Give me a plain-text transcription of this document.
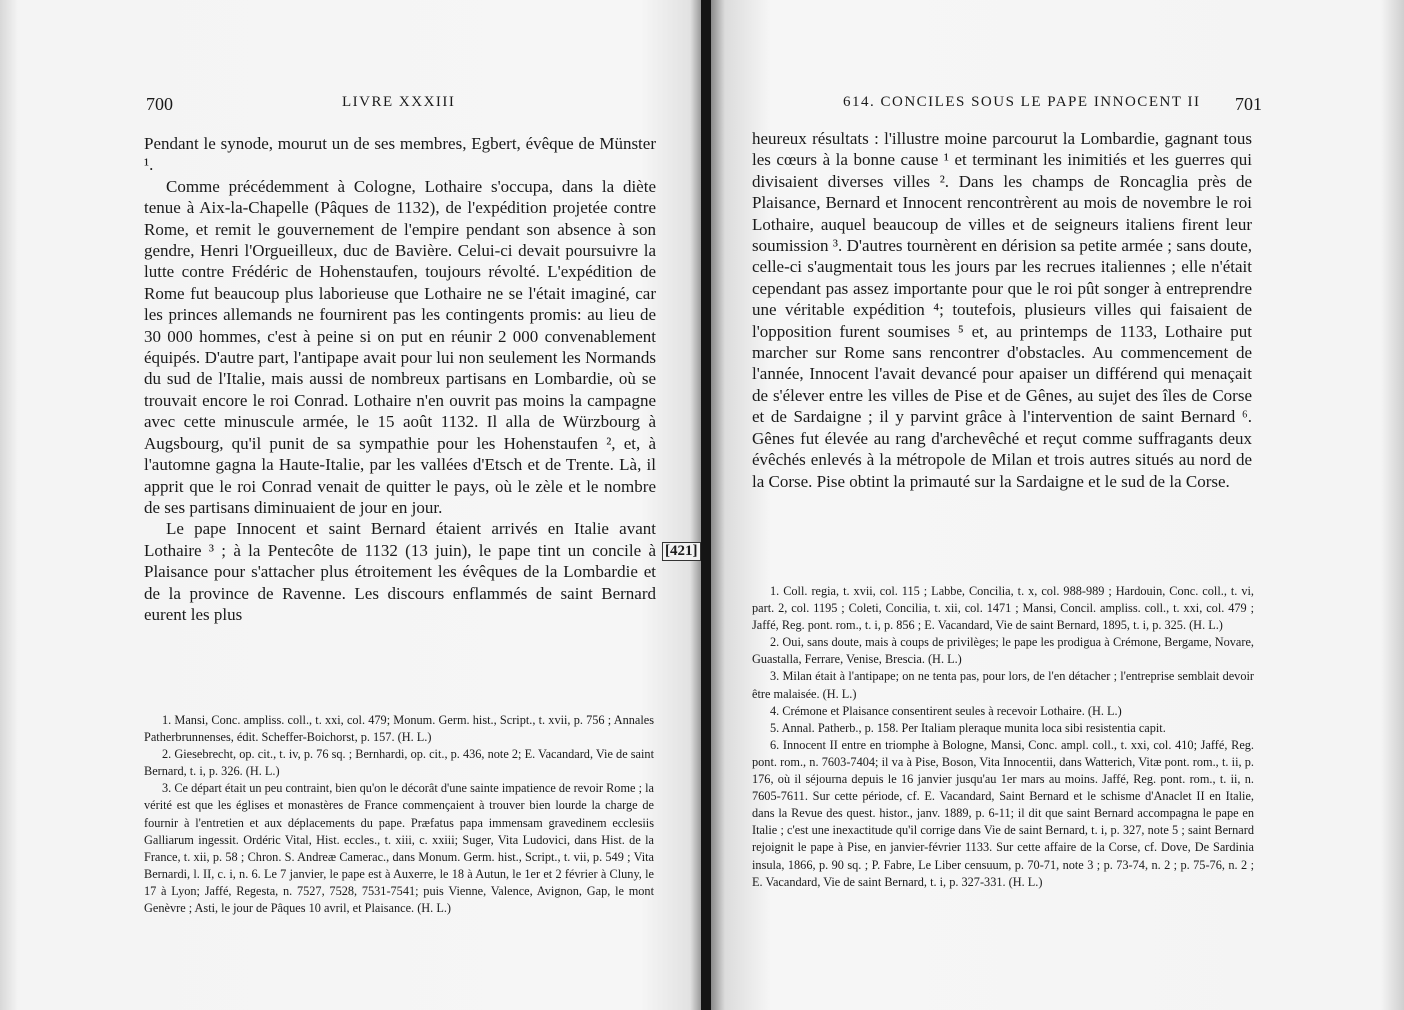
700	LIVRE XXXIII

Pendant le synode, mourut un de ses membres, Egbert, évêque de Münster ¹.

Comme précédemment à Cologne, Lothaire s'occupa, dans la diète tenue à Aix-la-Chapelle (Pâques de 1132), de l'expédition projetée contre Rome, et remit le gouvernement de l'empire pendant son absence à son gendre, Henri l'Orgueilleux, duc de Bavière. Celui-ci devait poursuivre la lutte contre Frédéric de Hohenstaufen, toujours révolté. L'expédition de Rome fut beaucoup plus laborieuse que Lothaire ne se l'était imaginé, car les princes allemands ne fournirent pas les contingents promis: au lieu de 30 000 hommes, c'est à peine si on put en réunir 2 000 convenablement équipés. D'autre part, l'antipape avait pour lui non seulement les Normands du sud de l'Italie, mais aussi de nombreux partisans en Lombardie, où se trouvait encore le roi Conrad. Lothaire n'en ouvrit pas moins la campagne avec cette minuscule armée, le 15 août 1132. Il alla de Würzbourg à Augsbourg, qu'il punit de sa sympathie pour les Hohenstaufen ², et, à l'automne gagna la Haute-Italie, par les vallées d'Etsch et de Trente. Là, il apprit que le roi Conrad venait de quitter le pays, où le zèle et le nombre de ses partisans diminuaient de jour en jour.

Le pape Innocent et saint Bernard étaient arrivés en Italie avant Lothaire ³ ; à la Pentecôte de 1132 (13 juin), le pape tint un concile à Plaisance pour s'attacher plus étroitement les évêques de la Lombardie et de la province de Ravenne. Les discours enflammés de saint Bernard eurent les plus

1. Mansi, Conc. ampliss. coll., t. xxi, col. 479; Monum. Germ. hist., Script., t. xvii, p. 756 ; Annales Patherbrunnenses, édit. Scheffer-Boichorst, p. 157. (H. L.)

2. Giesebrecht, op. cit., t. iv, p. 76 sq. ; Bernhardi, op. cit., p. 436, note 2; E. Vacandard, Vie de saint Bernard, t. i, p. 326. (H. L.)

3. Ce départ était un peu contraint, bien qu'on le décorât d'une sainte impatience de revoir Rome ; la vérité est que les églises et monastères de France commençaient à trouver bien lourde la charge de fournir à l'entretien et aux déplacements du pape. Præfatus papa immensam gravedinem ecclesiis Galliarum ingessit. Ordéric Vital, Hist. eccles., t. xiii, c. xxiii; Suger, Vita Ludovici, dans Hist. de la France, t. xii, p. 58 ; Chron. S. Andreæ Camerac., dans Monum. Germ. hist., Script., t. vii, p. 549 ; Vita Bernardi, l. II, c. i, n. 6. Le 7 janvier, le pape est à Auxerre, le 18 à Autun, le 1er et 2 février à Cluny, le 17 à Lyon; Jaffé, Regesta, n. 7527, 7528, 7531-7541; puis Vienne, Valence, Avignon, Gap, le mont Genèvre ; Asti, le jour de Pâques 10 avril, et Plaisance. (H. L.)

[421]
614. CONCILES SOUS LE PAPE INNOCENT II 701

heureux résultats : l'illustre moine parcourut la Lombardie, gagnant tous les cœurs à la bonne cause ¹ et terminant les inimitiés et les guerres qui divisaient diverses villes ². Dans les champs de Roncaglia près de Plaisance, Bernard et Innocent rencontrèrent au mois de novembre le roi Lothaire, auquel beaucoup de villes et de seigneurs italiens firent leur soumission ³. D'autres tournèrent en dérision sa petite armée ; sans doute, celle-ci s'augmentait tous les jours par les recrues italiennes ; elle n'était cependant pas assez importante pour que le roi pût songer à entreprendre une véritable expédition ⁴; toutefois, plusieurs villes qui faisaient de l'opposition furent soumises ⁵ et, au printemps de 1133, Lothaire put marcher sur Rome sans rencontrer d'obstacles. Au commencement de l'année, Innocent l'avait devancé pour apaiser un différend qui menaçait de s'élever entre les villes de Pise et de Gênes, au sujet des îles de Corse et de Sardaigne ; il y parvint grâce à l'intervention de saint Bernard ⁶. Gênes fut élevée au rang d'archevêché et reçut comme suffragants deux évêchés enlevés à la métropole de Milan et trois autres situés au nord de la Corse. Pise obtint la primauté sur la Sardaigne et le sud de la Corse.

1. Coll. regia, t. xvii, col. 115 ; Labbe, Concilia, t. x, col. 988-989 ; Hardouin, Conc. coll., t. vi, part. 2, col. 1195 ; Coleti, Concilia, t. xii, col. 1471 ; Mansi, Concil. ampliss. coll., t. xxi, col. 479 ; Jaffé, Reg. pont. rom., t. i, p. 856 ; E. Vacandard, Vie de saint Bernard, 1895, t. i, p. 325. (H. L.)

2. Oui, sans doute, mais à coups de privilèges; le pape les prodigua à Crémone, Bergame, Novare, Guastalla, Ferrare, Venise, Brescia. (H. L.)

3. Milan était à l'antipape; on ne tenta pas, pour lors, de l'en détacher ; l'entreprise semblait devoir être malaisée. (H. L.)

4. Crémone et Plaisance consentirent seules à recevoir Lothaire. (H. L.)

5. Annal. Patherb., p. 158. Per Italiam pleraque munita loca sibi resistentia capit.

6. Innocent II entre en triomphe à Bologne, Mansi, Conc. ampl. coll., t. xxi, col. 410; Jaffé, Reg. pont. rom., n. 7603-7404; il va à Pise, Boson, Vita Innocentii, dans Watterich, Vitæ pont. rom., t. ii, p. 176, où il séjourna depuis le 16 janvier jusqu'au 1er mars au moins. Jaffé, Reg. pont. rom., t. ii, n. 7605-7611. Sur cette période, cf. E. Vacandard, Saint Bernard et le schisme d'Anaclet II en Italie, dans la Revue des quest. histor., janv. 1889, p. 6-11; il dit que saint Bernard accompagna le pape en Italie ; c'est une inexactitude qu'il corrige dans Vie de saint Bernard, t. i, p. 327, note 5 ; saint Bernard rejoignit le pape à Pise, en janvier-février 1133. Sur cette affaire de la Corse, cf. Dove, De Sardinia insula, 1866, p. 90 sq. ; P. Fabre, Le Liber censuum, p. 70-71, note 3 ; p. 73-74, n. 2 ; p. 75-76, n. 2 ; E. Vacandard, Vie de saint Bernard, t. i, p. 327-331. (H. L.)
